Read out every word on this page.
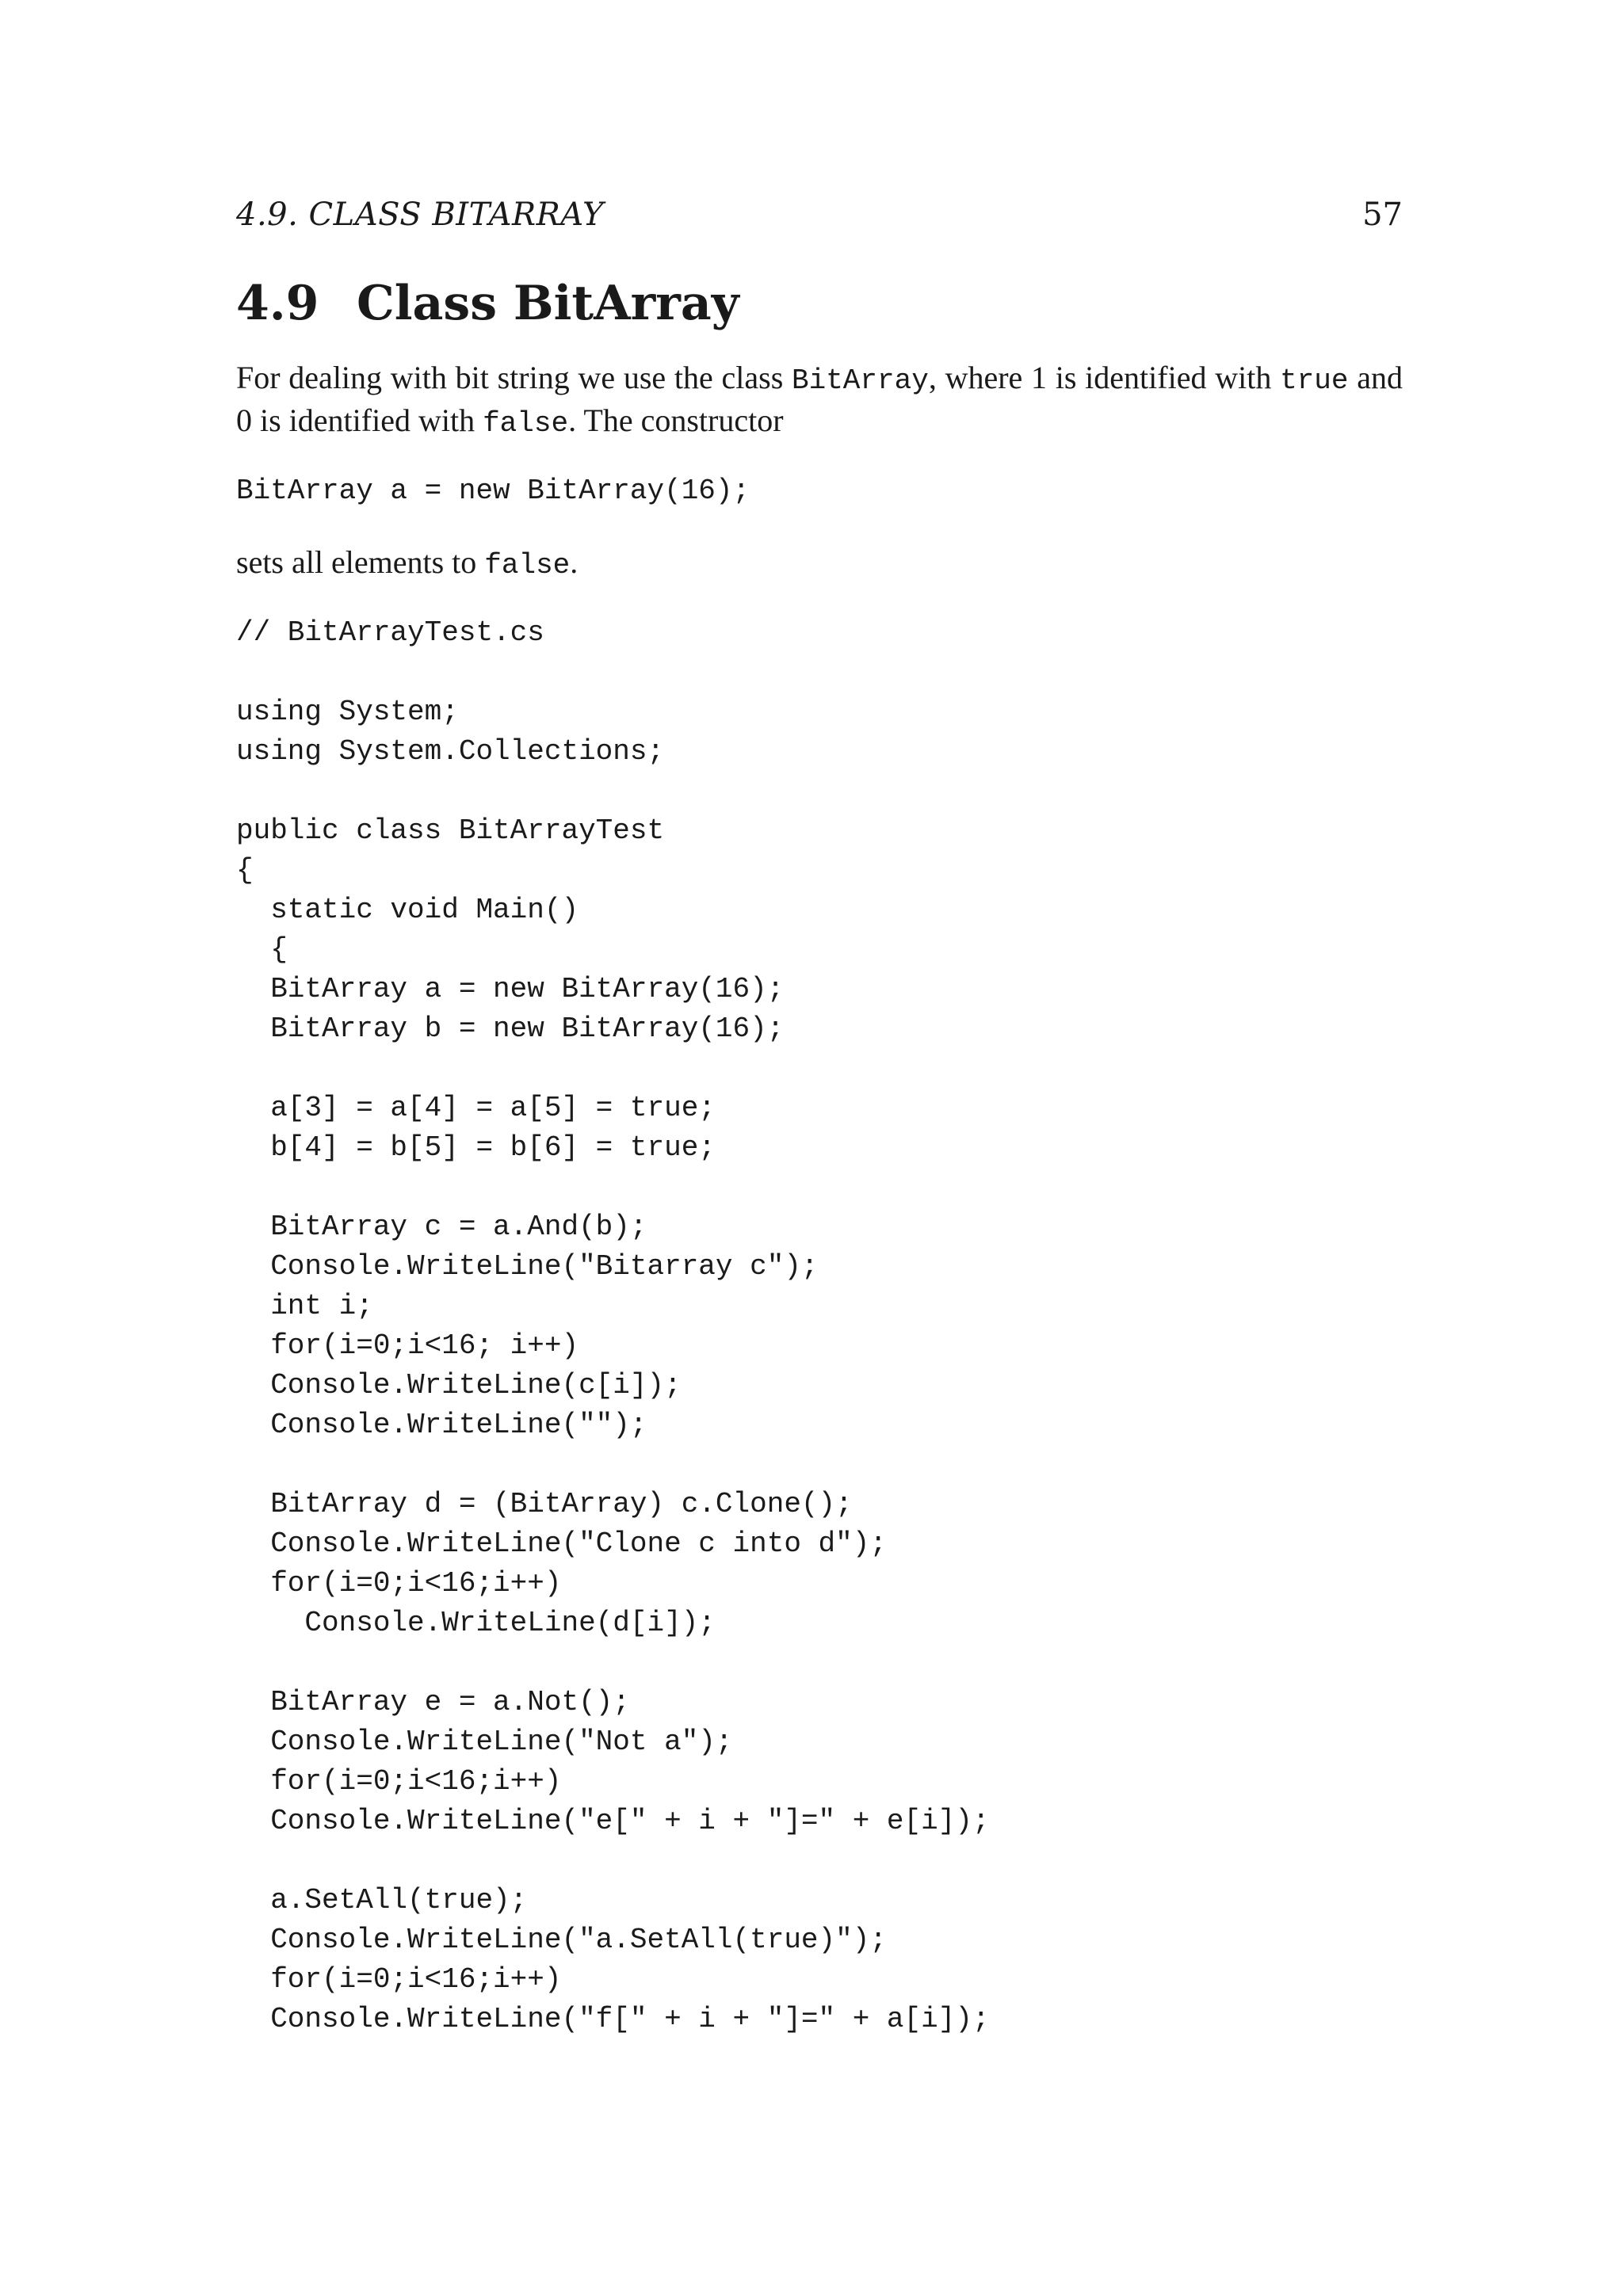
4.9. CLASS BITARRAY	57
4.9 Class BitArray

For dealing with bit string we use the class BitArray, where 1 is identified with true and 0 is identified with false. The constructor

BitArray a = new BitArray(16);

sets all elements to false.

// BitArrayTest.cs
using System;
using System.Collections;
public class BitArrayTest
{
static void Main()
{
BitArray a = new BitArray(16);
BitArray b = new BitArray(16);
a[3] = a[4] = a[5] = true;
b[4] = b[5] = b[6] = true;
BitArray c = a.And(b);
Console.WriteLine("Bitarray c");
int i;
for(i=0;i<16; i++)
Console.WriteLine(c[i]);
Console.WriteLine("");
BitArray d = (BitArray) c.Clone();
Console.WriteLine("Clone c into d");
for(i=0;i<16;i++)
Console.WriteLine(d[i]);
BitArray e = a.Not();
Console.WriteLine("Not a");
for(i=0;i<16;i++)
Console.WriteLine("e[" + i + "]=" + e[i]);
a.SetAll(true);
Console.WriteLine("a.SetAll(true)");
for(i=0;i<16;i++)
Console.WriteLine("f[" + i + "]=" + a[i]);
